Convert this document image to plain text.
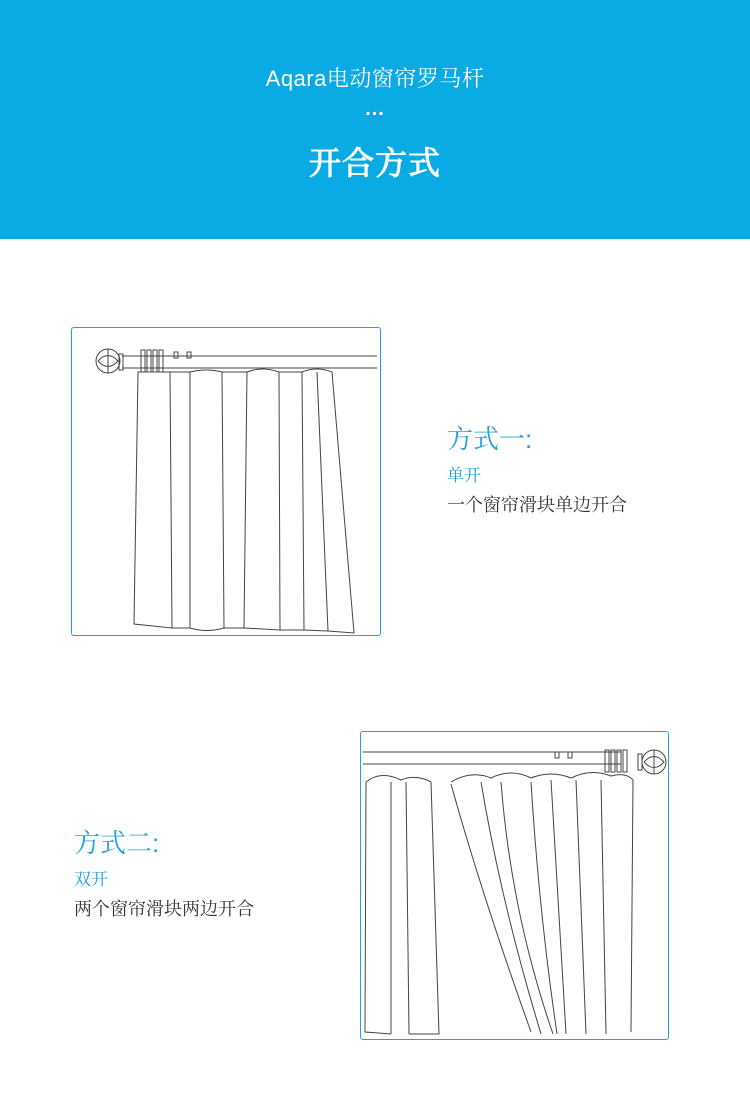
Aqara电动窗帘罗马杆
...
开合方式
方式一:
单开
一个窗帘滑块单边开合
方式二:
双开
两个窗帘滑块两边开合
